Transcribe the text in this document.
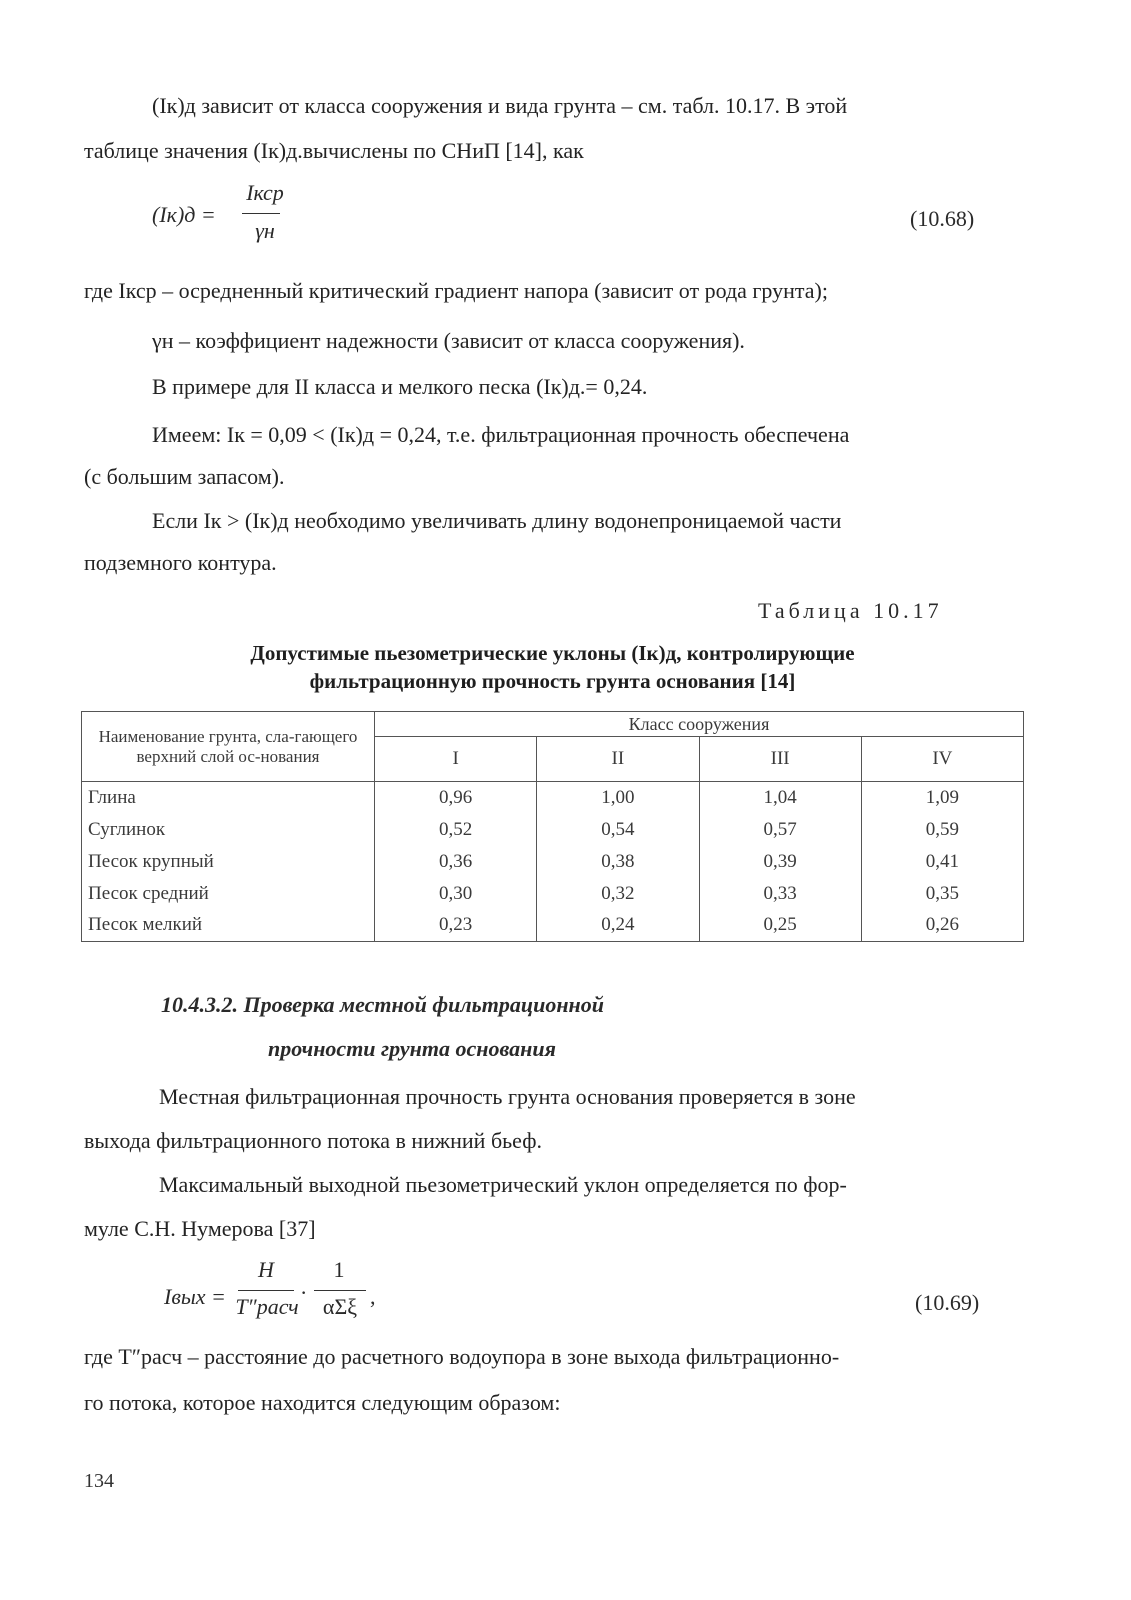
(Iк)д зависит от класса сооружения и вида грунта – см. табл. 10.17. В этой
таблице значения (Iк)д.вычислены по СНиП [14], как
(Iк)д =
Iкср
γн	(10.68)
где Iкср – осредненный критический градиент напора (зависит от рода грунта);
γн – коэффициент надежности (зависит от класса сооружения).
В примере для II класса и мелкого песка (Iк)д.= 0,24.
Имеем: Iк = 0,09 < (Iк)д = 0,24, т.е. фильтрационная прочность обеспечена
(с большим запасом).
Если Iк > (Iк)д необходимо увеличивать длину водонепроницаемой части
подземного контура.
Таблица 10.17
Допустимые пьезометрические уклоны (Iк)д, контролирующие
фильтрационную прочность грунта основания [14]
Наименование грунта, сла-гающего верхний слой ос-нования	Класс сооружения			
	I	II	III	IV
Глина	0,96	1,00	1,04	1,09
Суглинок	0,52	0,54	0,57	0,59
Песок крупный	0,36	0,38	0,39	0,41
Песок средний	0,30	0,32	0,33	0,35
Песок мелкий	0,23	0,24	0,25	0,26
10.4.3.2. Проверка местной фильтрационной
прочности грунта основания
Местная фильтрационная прочность грунта основания проверяется в зоне
выхода фильтрационного потока в нижний бьеф.
Максимальный выходной пьезометрический уклон определяется по фор-
муле С.Н. Нумерова [37]
Iвых =
H
T″расч
·
1
αΣξ ,	(10.69)
где T″расч – расстояние до расчетного водоупора в зоне выхода фильтрационно-
го потока, которое находится следующим образом:
134
